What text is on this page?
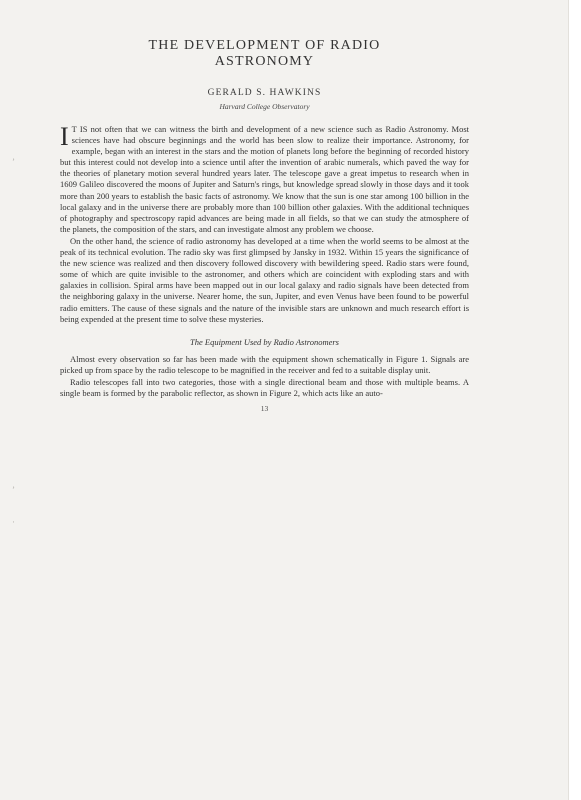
’
’
·
THE DEVELOPMENT OF RADIO
ASTRONOMY
GERALD S. HAWKINS
Harvard College Observatory

I T IS not often that we can witness the birth and development of a new science such as Radio Astronomy. Most sciences have had obscure beginnings and the world has been slow to realize their importance. Astronomy, for example, began with an interest in the stars and the motion of planets long before the beginning of recorded history but this interest could not develop into a science until after the invention of arabic numerals, which paved the way for the theories of planetary motion several hundred years later. The telescope gave a great impetus to research when in 1609 Galileo discovered the moons of Jupiter and Saturn's rings, but knowledge spread slowly in those days and it took more than 200 years to establish the basic facts of astronomy. We know that the sun is one star among 100 billion in the local galaxy and in the universe there are probably more than 100 billion other galaxies. With the additional techniques of photography and spectroscopy rapid advances are being made in all fields, so that we can study the atmosphere of the planets, the composition of the stars, and can investigate almost any problem we choose.

On the other hand, the science of radio astronomy has developed at a time when the world seems to be almost at the peak of its technical evolution. The radio sky was first glimpsed by Jansky in 1932. Within 15 years the significance of the new science was realized and then discovery followed discovery with bewildering speed. Radio stars were found, some of which are quite invisible to the astronomer, and others which are coincident with exploding stars and with galaxies in collision. Spiral arms have been mapped out in our local galaxy and radio signals have been detected from the neighboring galaxy in the universe. Nearer home, the sun, Jupiter, and even Venus have been found to be powerful radio emitters. The cause of these signals and the nature of the invisible stars are unknown and much research effort is being expended at the present time to solve these mysteries.

The Equipment Used by Radio Astronomers

Almost every observation so far has been made with the equipment shown schematically in Figure 1. Signals are picked up from space by the radio telescope to be magnified in the receiver and fed to a suitable display unit.

Radio telescopes fall into two categories, those with a single directional beam and those with multiple beams. A single beam is formed by the parabolic reflector, as shown in Figure 2, which acts like an auto-

13
